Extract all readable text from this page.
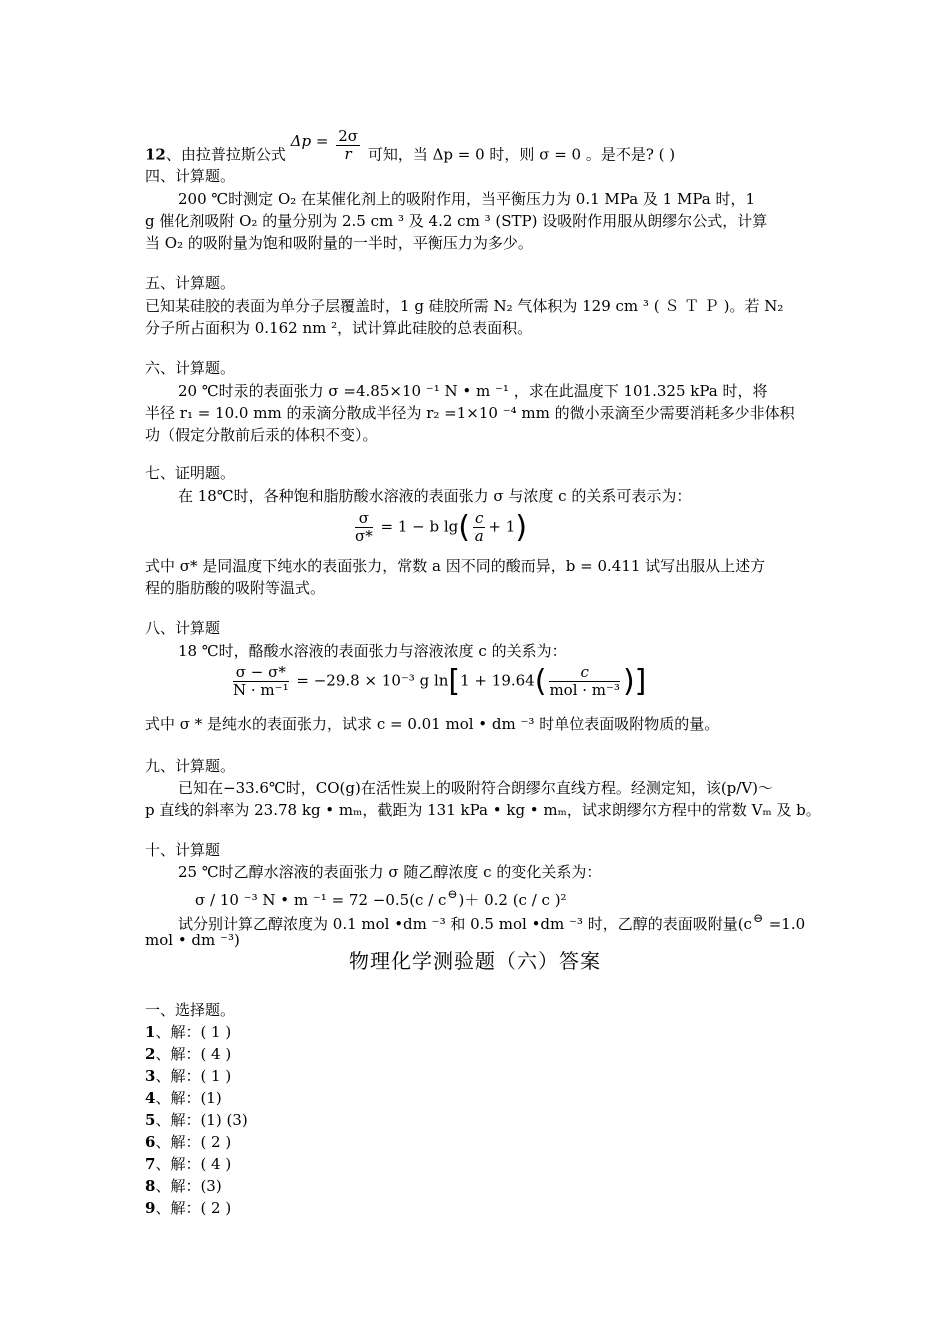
12、由拉普拉斯公式 $\Delta p = \frac{2\sigma}{r}$ 可知，当 Δp = 0 时，则 σ = 0 。是不是? ( )
四、计算题。
200 ℃时测定 O₂ 在某催化剂上的吸附作用，当平衡压力为 0.1 MPa 及 1 MPa 时，1
g 催化剂吸附 O₂ 的量分别为 2.5 cm ³ 及 4.2 cm ³ (STP) 设吸附作用服从朗缪尔公式，计算
当 O₂ 的吸附量为饱和吸附量的一半时，平衡压力为多少。
五、计算题。
已知某硅胶的表面为单分子层覆盖时，1 g 硅胶所需 N₂ 气体积为 129 cm ³ ( Ｓ Ｔ Ｐ )。若 N₂
分子所占面积为 0.162 nm ²，试计算此硅胶的总表面积。
六、计算题。
20 ℃时汞的表面张力 σ =4.85×10 ⁻¹ N • m ⁻¹ ，求在此温度下 101.325 kPa 时，将
半径 r₁ = 10.0 mm 的汞滴分散成半径为 r₂ =1×10 ⁻⁴ mm 的微小汞滴至少需要消耗多少非体积
功（假定分散前后汞的体积不变）。
七、证明题。
在 18℃时，各种饱和脂肪酸水溶液的表面张力 σ 与浓度 c 的关系可表示为：
$\frac{\sigma}{\sigma*} = 1 - b$ $\lg( \frac{c}{a} + 1)$
式中 σ* 是同温度下纯水的表面张力，常数 a 因不同的酸而异，b = 0.411 试写出服从上述方
程的脂肪酸的吸附等温式。
八、计算题
18 ℃时，酪酸水溶液的表面张力与溶液浓度 c 的关系为：
$\frac{\sigma - \sigma*}{\text{N · m⁻¹}} = -29.8 \times 10^{-3}$ g $\ln[1 + 19.64( \frac{c}{\text{mol · m⁻³}}$ )]
式中 σ * 是纯水的表面张力，试求 c = 0.01 mol • dm ⁻³ 时单位表面吸附物质的量。
九、计算题。
已知在−33.6℃时，CO(g)在活性炭上的吸附符合朗缪尔直线方程。经测定知，该(p/V)～
p 直线的斜率为 23.78 kg • mₘ，截距为 131 kPa • kg • mₘ，试求朗缪尔方程中的常数 Vₘ 及 b。
十、计算题
25 ℃时乙醇水溶液的表面张力 σ 随乙醇浓度 c 的变化关系为：
σ / 10 ⁻³ N • m ⁻¹ = 72 −0.5(c / c⊖)＋ 0.2 (c / c )²
试分别计算乙醇浓度为 0.1 mol •dm ⁻³ 和 0.5 mol •dm ⁻³ 时，乙醇的表面吸附量(c⊖ =1.0
mol • dm ⁻³)
物理化学测验题（六）答案
一、选择题。
1、解：( 1 )
2、解：( 4 )
3、解：( 1 )
4、解：(1)
5、解：(1) (3)
6、解：( 2 )
7、解：( 4 )
8、解：(3)
9、解：( 2 )
